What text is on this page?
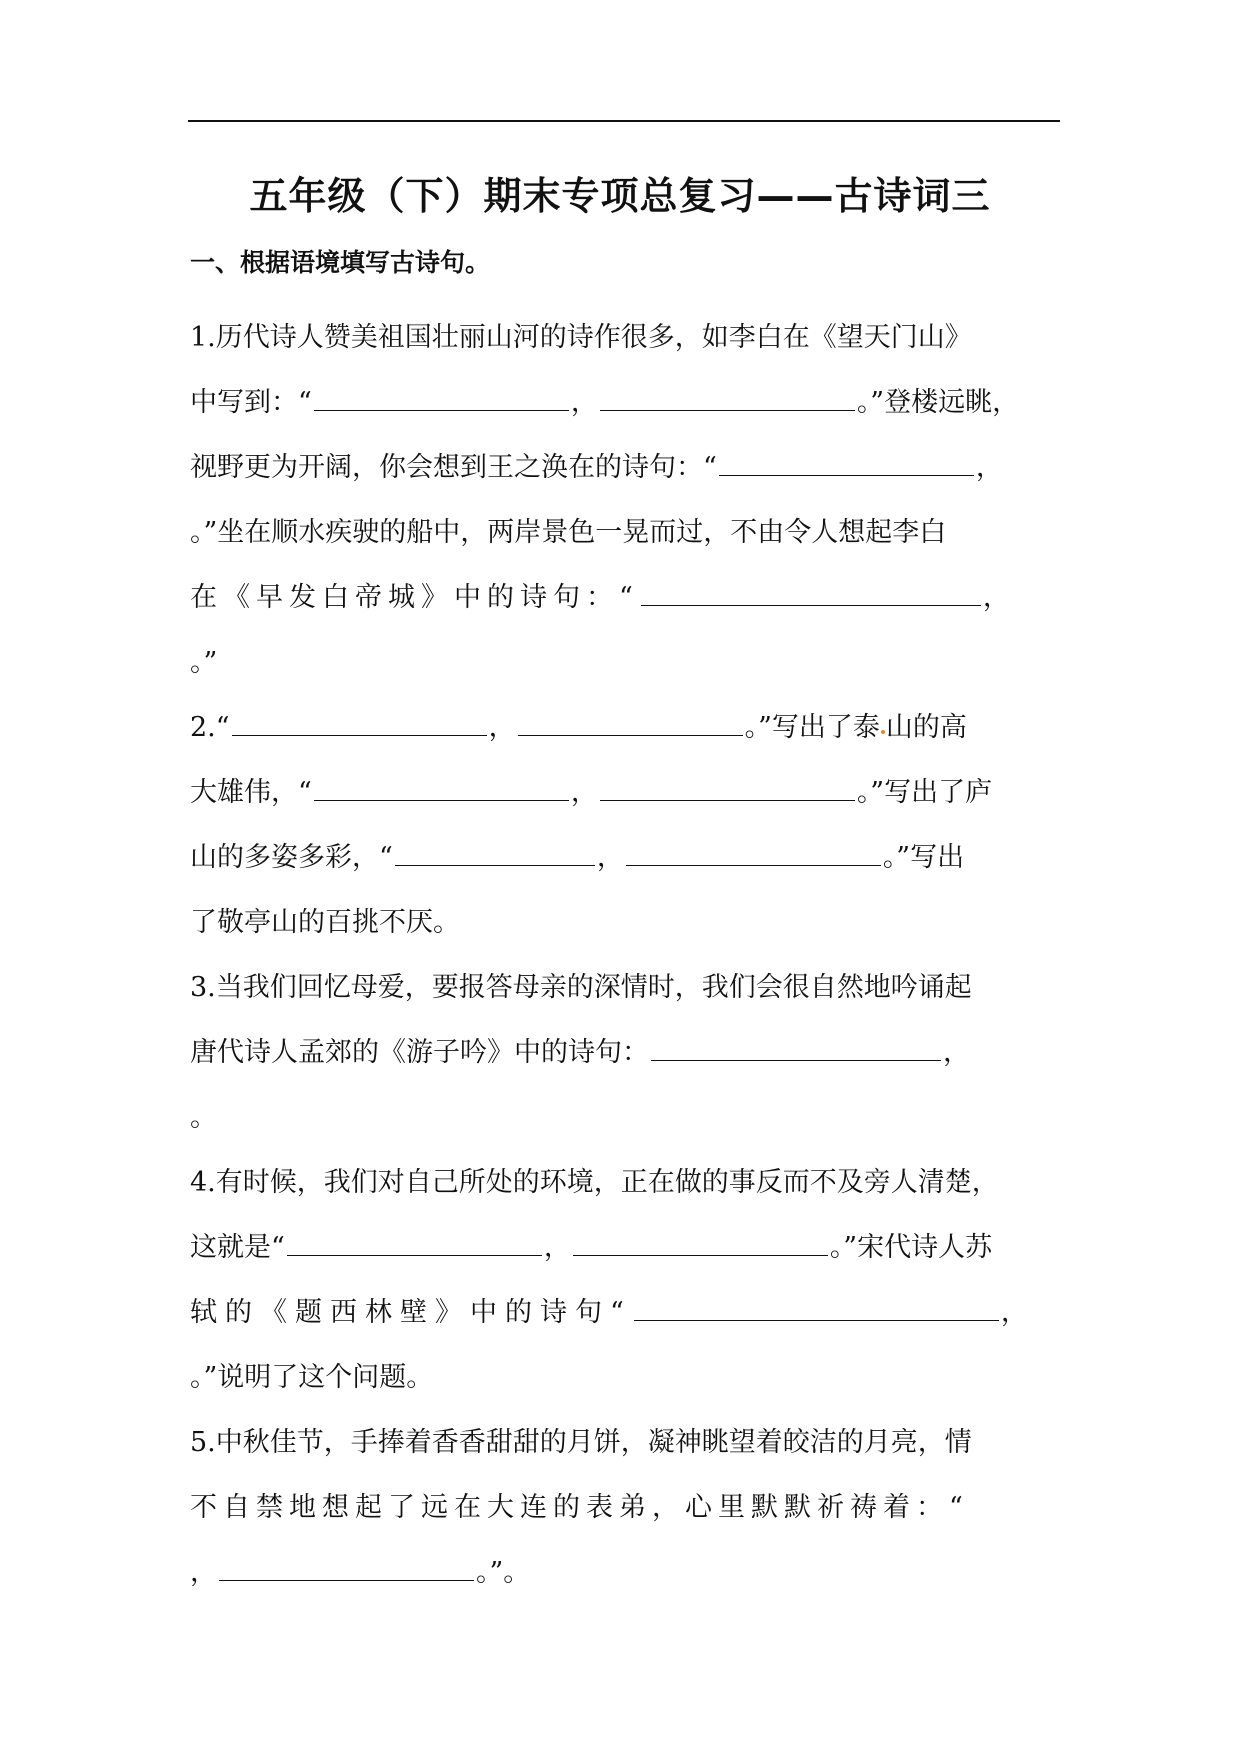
五年级（下）期末专项总复习——古诗词三
一、根据语境填写古诗句。
1.历代诗人赞美祖国壮丽山河的诗作很多，如李白在《望天门山》
中写到：“	，	。”登楼远眺，
视野更为开阔，你会想到王之涣在的诗句：“	，
。”坐在顺水疾驶的船中，两岸景色一晃而过，不由令人想起李白
在《早发白帝城》中的诗句：“	，
。”
2.“	，	。”写出了泰 山的高
大雄伟，“	，	。”写出了庐
山的多姿多彩，“	，	。”写出
了敬亭山的百挑不厌。
3.当我们回忆母爱，要报答母亲的深情时，我们会很自然地吟诵起
唐代诗人孟郊的《游子吟》中的诗句：	，
。
4.有时候，我们对自己所处的环境，正在做的事反而不及旁人清楚，
这就是“	，	。”宋代诗人苏
轼的《题西林壁》中的诗句“	，
。”说明了这个问题。
5.中秋佳节，手捧着香香甜甜的月饼，凝神眺望着皎洁的月亮，情
不自禁地想起了远在大连的表弟，心里默默祈祷着：“
，	。”。
